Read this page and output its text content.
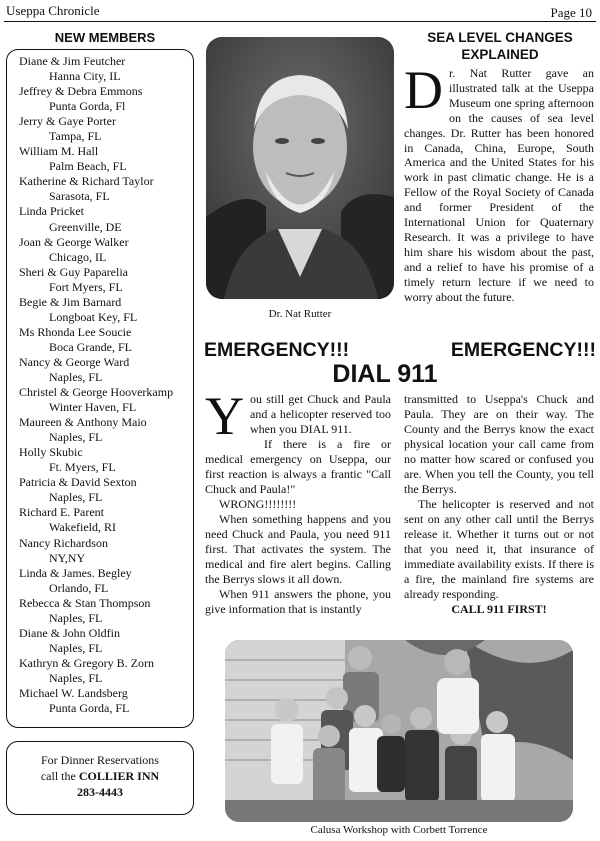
Useppa Chronicle	Page 10
NEW MEMBERS
Diane & Jim Feutcher
Hanna City, IL
Jeffrey & Debra Emmons
Punta Gorda, Fl
Jerry & Gaye Porter
Tampa, FL
William M. Hall
Palm Beach, FL
Katherine & Richard Taylor
Sarasota, FL
Linda Pricket
Greenville, DE
Joan & George Walker
Chicago, IL
Sheri & Guy Paparelia
Fort Myers, FL
Begie & Jim Barnard
Longboat Key, FL
Ms Rhonda Lee Soucie
Boca Grande, FL
Nancy & George Ward
Naples, FL
Christel & George Hooverkamp
Winter Haven, FL
Maureen & Anthony Maio
Naples, FL
Holly Skubic
Ft. Myers, FL
Patricia & David Sexton
Naples, FL
Richard E. Parent
Wakefield, RI
Nancy Richardson
NY,NY
Linda & James. Begley
Orlando, FL
Rebecca & Stan Thompson
Naples, FL
Diane & John Oldfin
Naples, FL
Kathryn & Gregory B. Zorn
Naples, FL
Michael W. Landsberg
Punta Gorda, FL
For Dinner Reservations
call the COLLIER INN
283-4443
Dr. Nat Rutter
SEA LEVEL CHANGES
EXPLAINED
Dr. Nat Rutter gave an illustrated talk at the Useppa Museum one spring afternoon on the causes of sea level changes. Dr. Rutter has been honored in Canada, China, Europe, South America and the United States for his work in past climatic change. He is a Fellow of the Royal Society of Canada and former President of the International Union for Quaternary Research. It was a privilege to have him share his wisdom about the past, and a relief to have his promise of a timely return lecture if we need to worry about the future.
EMERGENCY!!!	EMERGENCY!!!
DIAL 911

You still get Chuck and Paula and a helicopter reserved too when you DIAL 911.

If there is a fire or medical emergency on Useppa, our first reaction is always a frantic "Call Chuck and Paula!"

WRONG!!!!!!!!

When something happens and you need Chuck and Paula, you need 911 first. That activates the system. The medical and fire alert begins. Calling the Berrys slows it all down.

When 911 answers the phone, you give information that is instantly

transmitted to Useppa's Chuck and Paula. They are on their way. The County and the Berrys know the exact physical location your call came from no matter how scared or confused you are. When you tell the County, you tell the Berrys.

The helicopter is reserved and not sent on any other call until the Berrys release it. Whether it turns out or not that you need it, that insurance of immediate availability exists. If there is a fire, the mainland fire systems are already responding.

CALL 911 FIRST!

Calusa Workshop with Corbett Torrence
